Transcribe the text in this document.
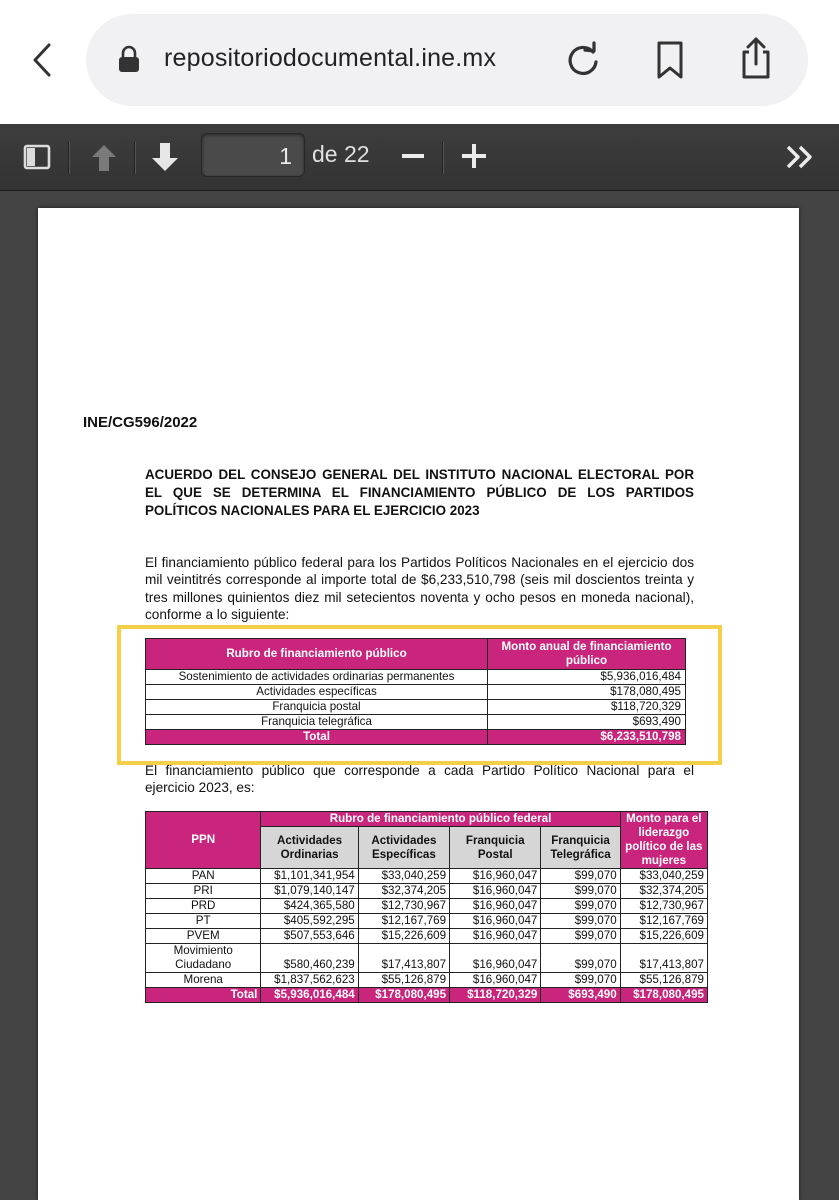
repositoriodocumental.ine.mx
1 de 22
INE/CG596/2022
ACUERDO DEL CONSEJO GENERAL DEL INSTITUTO NACIONAL ELECTORAL POR EL QUE SE DETERMINA EL FINANCIAMIENTO PÚBLICO DE LOS PARTIDOS POLÍTICOS NACIONALES PARA EL EJERCICIO 2023
El financiamiento público federal para los Partidos Políticos Nacionales en el ejercicio dos mil veintitrés corresponde al importe total de $6,233,510,798 (seis mil doscientos treinta y tres millones quinientos diez mil setecientos noventa y ocho pesos en moneda nacional), conforme a lo siguiente:
Rubro de financiamiento público	Monto anual de financiamiento público
Sostenimiento de actividades ordinarias permanentes	$5,936,016,484
Actividades específicas	$178,080,495
Franquicia postal	$118,720,329
Franquicia telegráfica	$693,490
Total	$6,233,510,798
El financiamiento público que corresponde a cada Partido Político Nacional para el ejercicio 2023, es:
PPN	Rubro de financiamiento público federal				Monto para el liderazgo político de las mujeres
	Actividades Ordinarias	Actividades Específicas	Franquicia Postal	Franquicia Telegráfica	
PAN	$1,101,341,954	$33,040,259	$16,960,047	$99,070	$33,040,259
PRI	$1,079,140,147	$32,374,205	$16,960,047	$99,070	$32,374,205
PRD	$424,365,580	$12,730,967	$16,960,047	$99,070	$12,730,967
PT	$405,592,295	$12,167,769	$16,960,047	$99,070	$12,167,769
PVEM	$507,553,646	$15,226,609	$16,960,047	$99,070	$15,226,609
Movimiento Ciudadano	$580,460,239	$17,413,807	$16,960,047	$99,070	$17,413,807
Morena	$1,837,562,623	$55,126,879	$16,960,047	$99,070	$55,126,879
Total	$5,936,016,484	$178,080,495	$118,720,329	$693,490	$178,080,495
